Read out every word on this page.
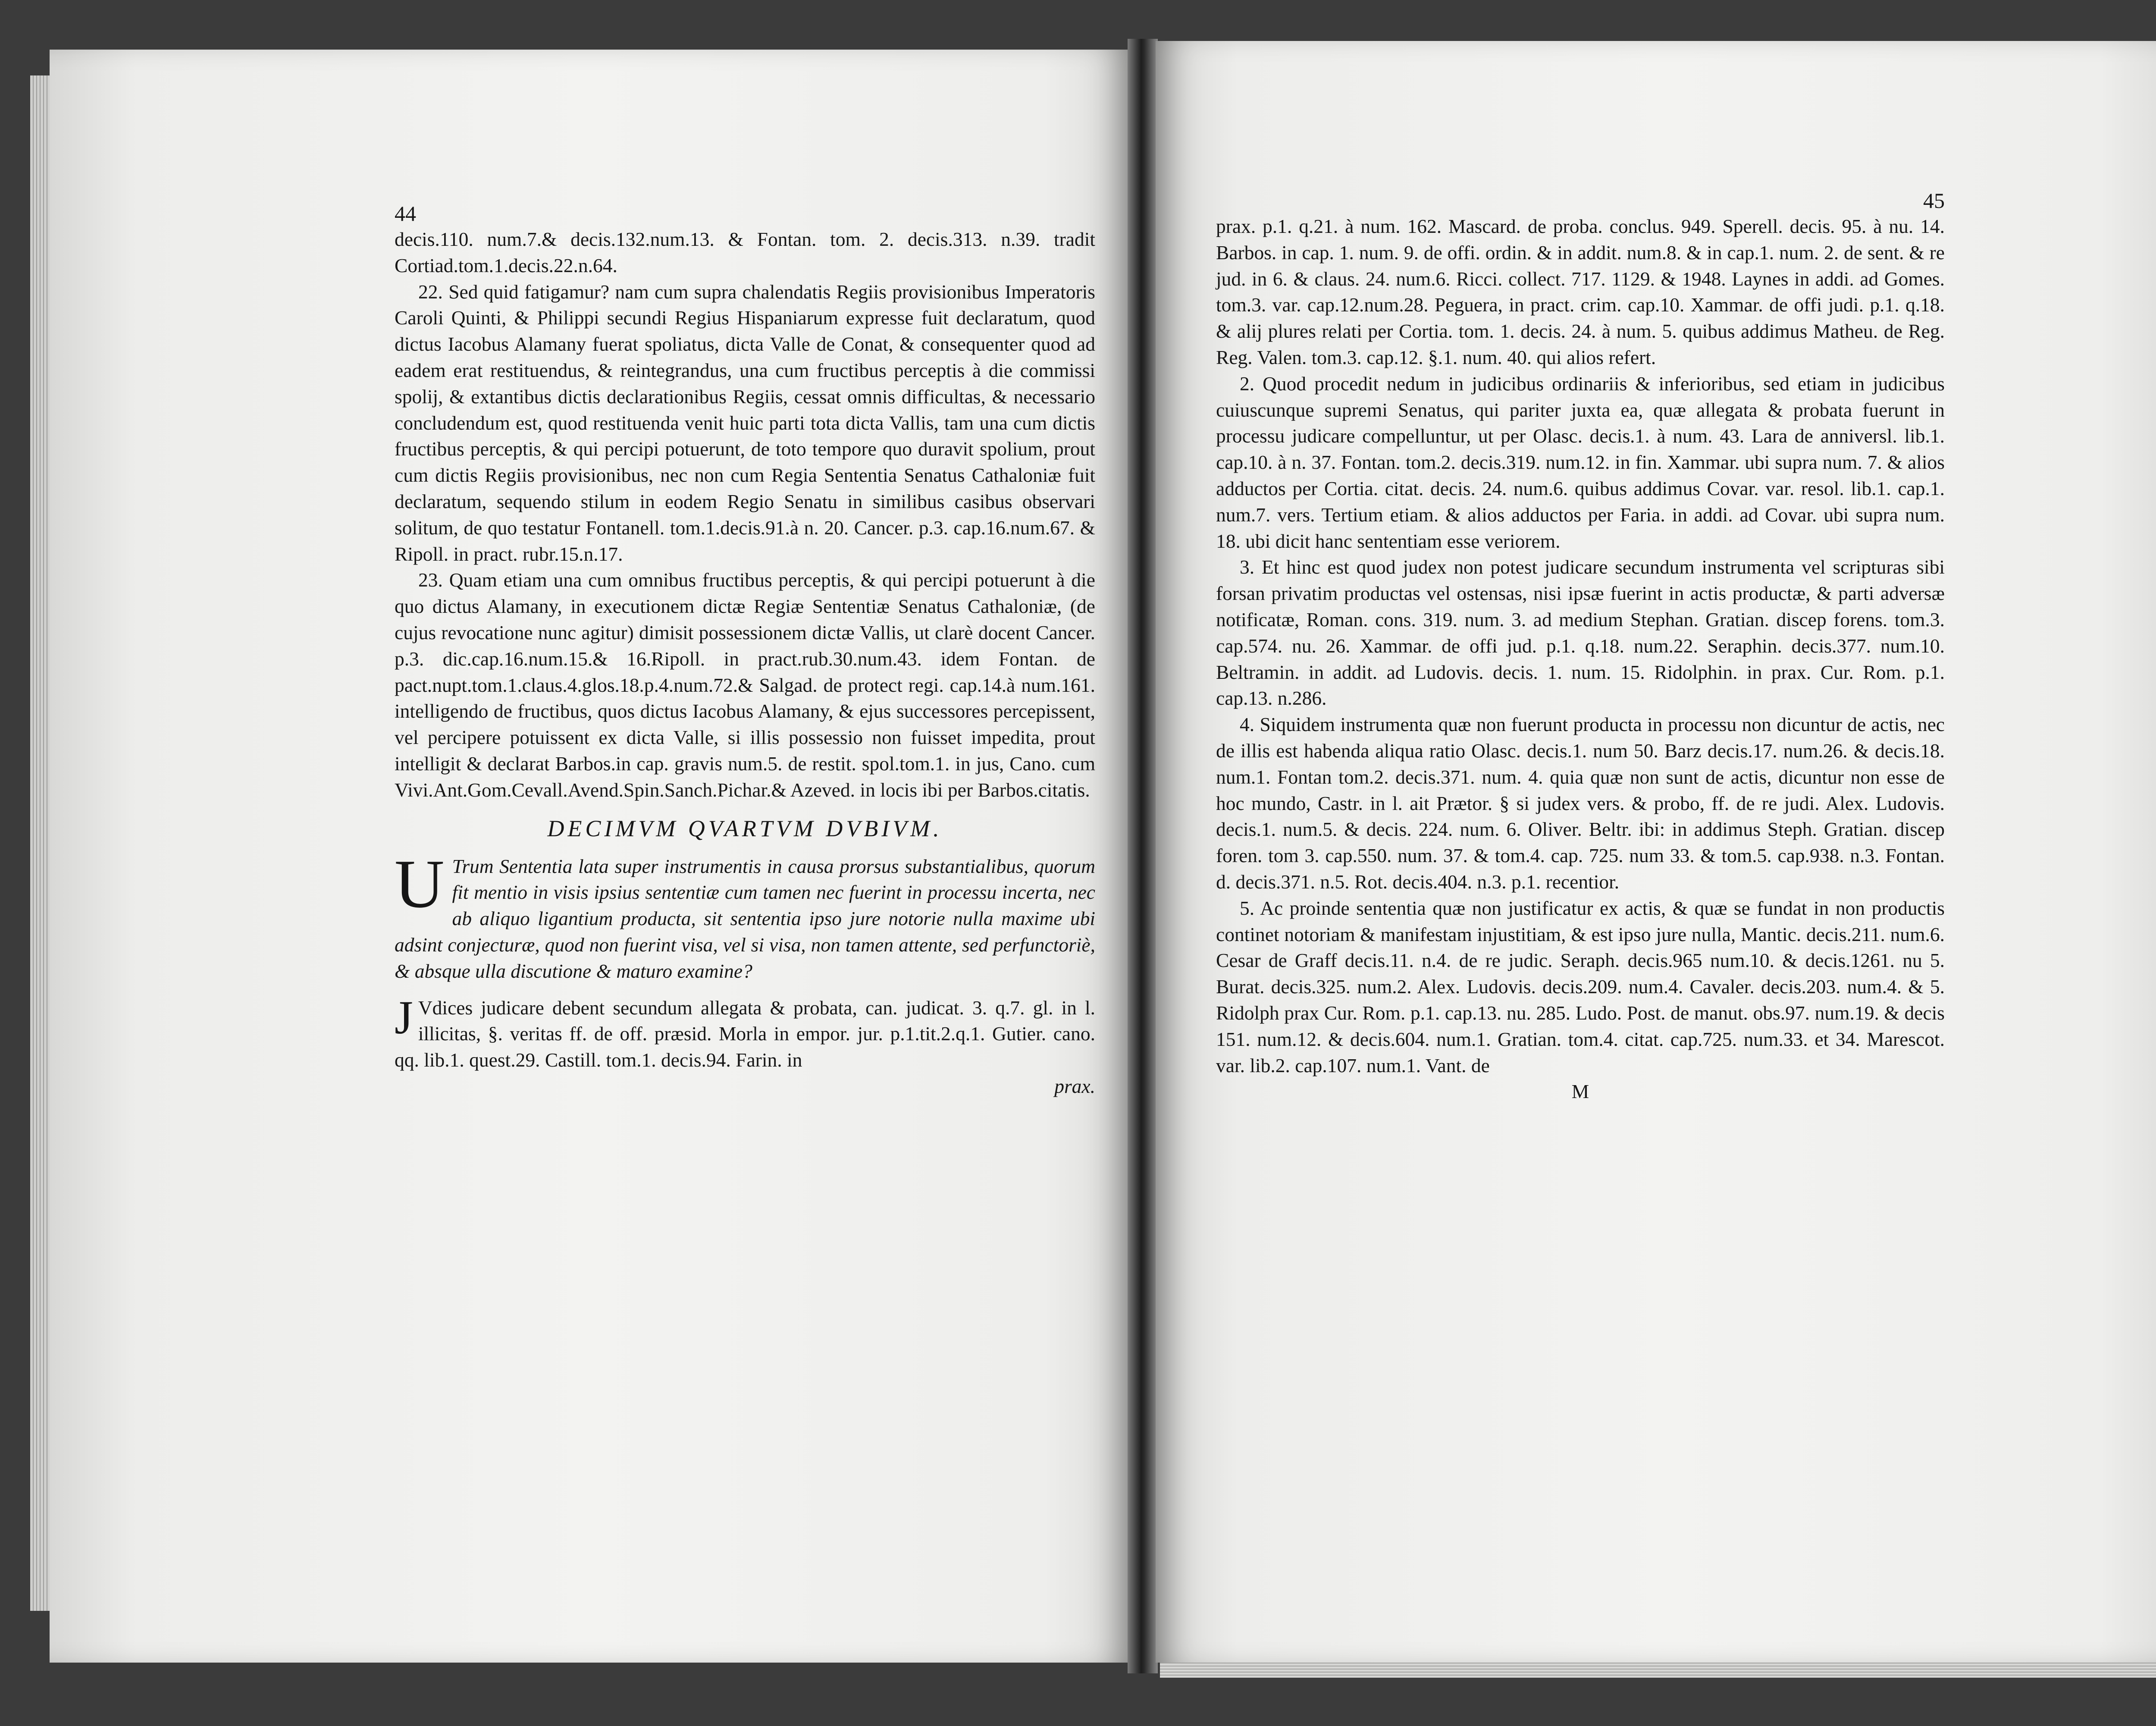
44

decis.110. num.7.& decis.132.num.13. & Fontan. tom. 2. decis.313. n.39. tradit Cortiad.tom.1.decis.22.n.64.

22. Sed quid fatigamur? nam cum supra chalendatis Regiis provisionibus Imperatoris Caroli Quinti, & Philippi secundi Regius Hispaniarum expresse fuit declaratum, quod dictus Iacobus Alamany fuerat spoliatus, dicta Valle de Conat, & consequenter quod ad eadem erat restituendus, & reintegrandus, una cum fructibus perceptis à die commissi spolij, & extantibus dictis declarationibus Regiis, cessat omnis difficultas, & necessario concludendum est, quod restituenda venit huic parti tota dicta Vallis, tam una cum dictis fructibus perceptis, & qui percipi potuerunt, de toto tempore quo duravit spolium, prout cum dictis Regiis provisionibus, nec non cum Regia Sententia Senatus Cathaloniæ fuit declaratum, sequendo stilum in eodem Regio Senatu in similibus casibus observari solitum, de quo testatur Fontanell. tom.1.decis.91.à n. 20. Cancer. p.3. cap.16.num.67. & Ripoll. in pract. rubr.15.n.17.

23. Quam etiam una cum omnibus fructibus perceptis, & qui percipi potuerunt à die quo dictus Alamany, in executionem dictæ Regiæ Sententiæ Senatus Cathaloniæ, (de cujus revocatione nunc agitur) dimisit possessionem dictæ Vallis, ut clarè docent Cancer. p.3. dic.cap.16.num.15.& 16.Ripoll. in pract.rub.30.num.43. idem Fontan. de pact.nupt.tom.1.claus.4.glos.18.p.4.num.72.& Salgad. de protect regi. cap.14.à num.161. intelligendo de fructibus, quos dictus Iacobus Alamany, & ejus successores percepissent, vel percipere potuissent ex dicta Valle, si illis possessio non fuisset impedita, prout intelligit & declarat Barbos.in cap. gravis num.5. de restit. spol.tom.1. in jus, Cano. cum Vivi.Ant.Gom.Cevall.Avend.Spin.Sanch.Pichar.& Azeved. in locis ibi per Barbos.citatis.

DECIMVM QVARTVM DVBIVM.
U Trum Sententia lata super instrumentis in causa prorsus substantialibus, quorum fit mentio in visis ipsius sententiæ cum tamen nec fuerint in processu incerta, nec ab aliquo ligantium producta, sit sententia ipso jure notorie nulla maxime ubi adsint conjecturæ, quod non fuerint visa, vel si visa, non tamen attente, sed perfunctoriè, & absque ulla discutione & maturo examine?
J Vdices judicare debent secundum allegata & probata, can. judicat. 3. q.7. gl. in l. illicitas, §. veritas ff. de off. præsid. Morla in empor. jur. p.1.tit.2.q.1. Gutier. cano. qq. lib.1. quest.29. Castill. tom.1. decis.94. Farin. in
prax.
45

prax. p.1. q.21. à num. 162. Mascard. de proba. conclus. 949. Sperell. decis. 95. à nu. 14. Barbos. in cap. 1. num. 9. de offi. ordin. & in addit. num.8. & in cap.1. num. 2. de sent. & re jud. in 6. & claus. 24. num.6. Ricci. collect. 717. 1129. & 1948. Laynes in addi. ad Gomes. tom.3. var. cap.12.num.28. Peguera, in pract. crim. cap.10. Xammar. de offi judi. p.1. q.18. & alij plures relati per Cortia. tom. 1. decis. 24. à num. 5. quibus addimus Matheu. de Reg. Reg. Valen. tom.3. cap.12. §.1. num. 40. qui alios refert.

2. Quod procedit nedum in judicibus ordinariis & inferioribus, sed etiam in judicibus cuiuscunque supremi Senatus, qui pariter juxta ea, quæ allegata & probata fuerunt in processu judicare compelluntur, ut per Olasc. decis.1. à num. 43. Lara de anniversl. lib.1. cap.10. à n. 37. Fontan. tom.2. decis.319. num.12. in fin. Xammar. ubi supra num. 7. & alios adductos per Cortia. citat. decis. 24. num.6. quibus addimus Covar. var. resol. lib.1. cap.1. num.7. vers. Tertium etiam. & alios adductos per Faria. in addi. ad Covar. ubi supra num. 18. ubi dicit hanc sententiam esse veriorem.

3. Et hinc est quod judex non potest judicare secundum instrumenta vel scripturas sibi forsan privatim productas vel ostensas, nisi ipsæ fuerint in actis productæ, & parti adversæ notificatæ, Roman. cons. 319. num. 3. ad medium Stephan. Gratian. discep forens. tom.3. cap.574. nu. 26. Xammar. de offi jud. p.1. q.18. num.22. Seraphin. decis.377. num.10. Beltramin. in addit. ad Ludovis. decis. 1. num. 15. Ridolphin. in prax. Cur. Rom. p.1. cap.13. n.286.

4. Siquidem instrumenta quæ non fuerunt producta in processu non dicuntur de actis, nec de illis est habenda aliqua ratio Olasc. decis.1. num 50. Barz decis.17. num.26. & decis.18. num.1. Fontan tom.2. decis.371. num. 4. quia quæ non sunt de actis, dicuntur non esse de hoc mundo, Castr. in l. ait Prætor. § si judex vers. & probo, ff. de re judi. Alex. Ludovis. decis.1. num.5. & decis. 224. num. 6. Oliver. Beltr. ibi: in addimus Steph. Gratian. discep foren. tom 3. cap.550. num. 37. & tom.4. cap. 725. num 33. & tom.5. cap.938. n.3. Fontan. d. decis.371. n.5. Rot. decis.404. n.3. p.1. recentior.

5. Ac proinde sententia quæ non justificatur ex actis, & quæ se fundat in non productis continet notoriam & manifestam injustitiam, & est ipso jure nulla, Mantic. decis.211. num.6. Cesar de Graff decis.11. n.4. de re judic. Seraph. decis.965 num.10. & decis.1261. nu 5. Burat. decis.325. num.2. Alex. Ludovis. decis.209. num.4. Cavaler. decis.203. num.4. & 5. Ridolph prax Cur. Rom. p.1. cap.13. nu. 285. Ludo. Post. de manut. obs.97. num.19. & decis 151. num.12. & decis.604. num.1. Gratian. tom.4. citat. cap.725. num.33. et 34. Marescot. var. lib.2. cap.107. num.1. Vant. de

M
